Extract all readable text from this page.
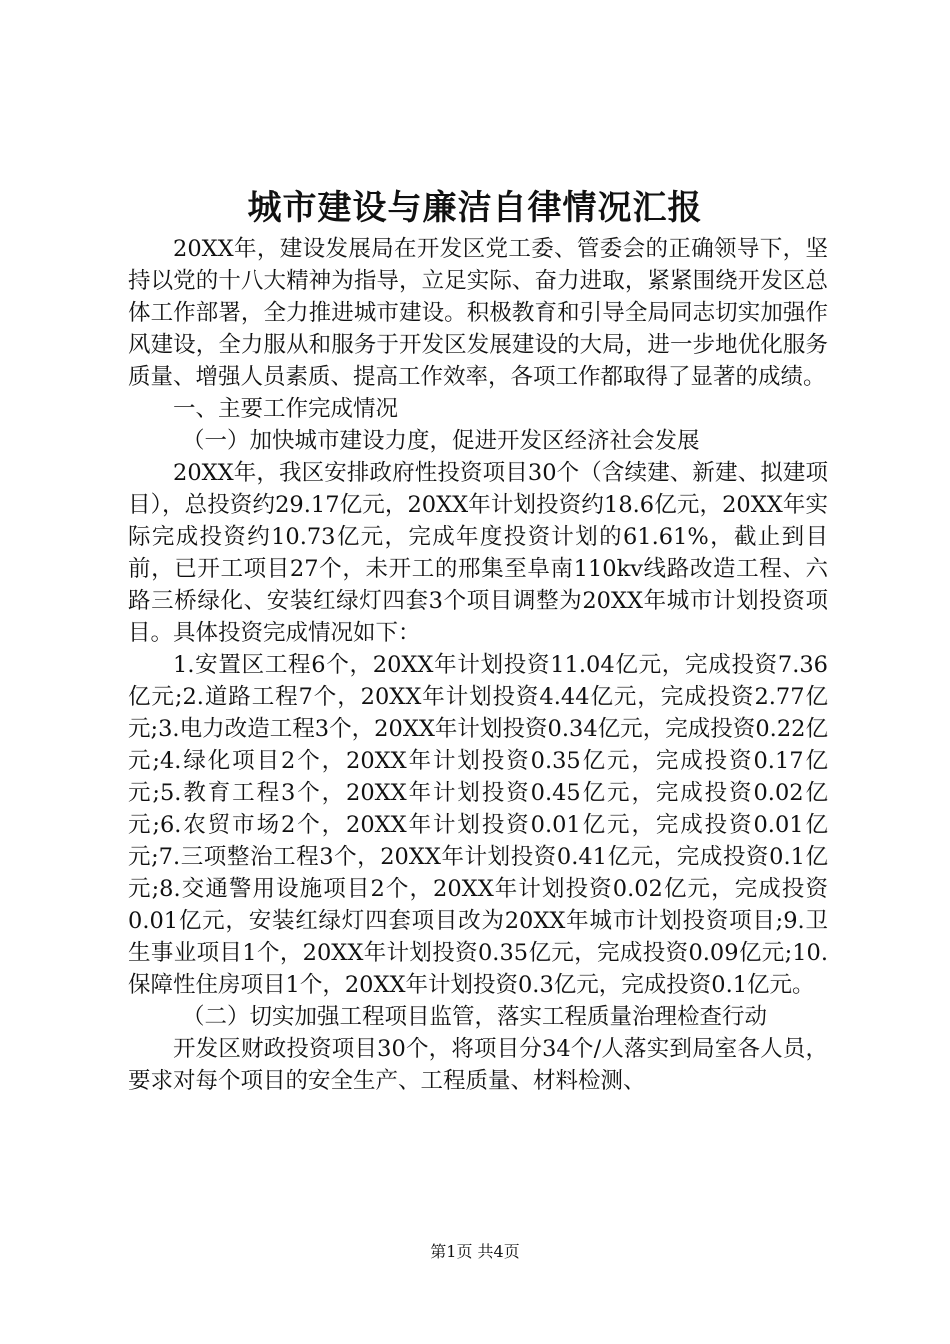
城市建设与廉洁自律情况汇报

20XX年，建设发展局在开发区党工委、管委会的正确领导下，坚持以党的十八大精神为指导，立足实际、奋力进取，紧紧围绕开发区总体工作部署，全力推进城市建设。积极教育和引导全局同志切实加强作风建设，全力服从和服务于开发区发展建设的大局，进一步地优化服务质量、增强人员素质、提高工作效率，各项工作都取得了显著的成绩。

一、主要工作完成情况

（一）加快城市建设力度，促进开发区经济社会发展

20XX年，我区安排政府性投资项目30个（含续建、新建、拟建项目），总投资约29.17亿元，20XX年计划投资约18.6亿元，20XX年实际完成投资约10.73亿元，完成年度投资计划的61.61%，截止到目前，已开工项目27个，未开工的邢集至阜南110kv线路改造工程、六路三桥绿化、安装红绿灯四套3个项目调整为20XX年城市计划投资项目。具体投资完成情况如下：

1.安置区工程6个，20XX年计划投资11.04亿元，完成投资7.36亿元;2.道路工程7个，20XX年计划投资4.44亿元，完成投资2.77亿元;3.电力改造工程3个，20XX年计划投资0.34亿元，完成投资0.22亿元;4.绿化项目2个，20XX年计划投资0.35亿元，完成投资0.17亿元;5.教育工程3个，20XX年计划投资0.45亿元，完成投资0.02亿元;6.农贸市场2个，20XX年计划投资0.01亿元，完成投资0.01亿元;7.三项整治工程3个，20XX年计划投资0.41亿元，完成投资0.1亿元;8.交通警用设施项目2个，20XX年计划投资0.02亿元，完成投资0.01亿元，安装红绿灯四套项目改为20XX年城市计划投资项目;9.卫生事业项目1个，20XX年计划投资0.35亿元，完成投资0.09亿元;10.保障性住房项目1个，20XX年计划投资0.3亿元，完成投资0.1亿元。

（二）切实加强工程项目监管，落实工程质量治理检查行动

开发区财政投资项目30个，将项目分34个/人落实到局室各人员，要求对每个项目的安全生产、工程质量、材料检测、

第1页 共4页
